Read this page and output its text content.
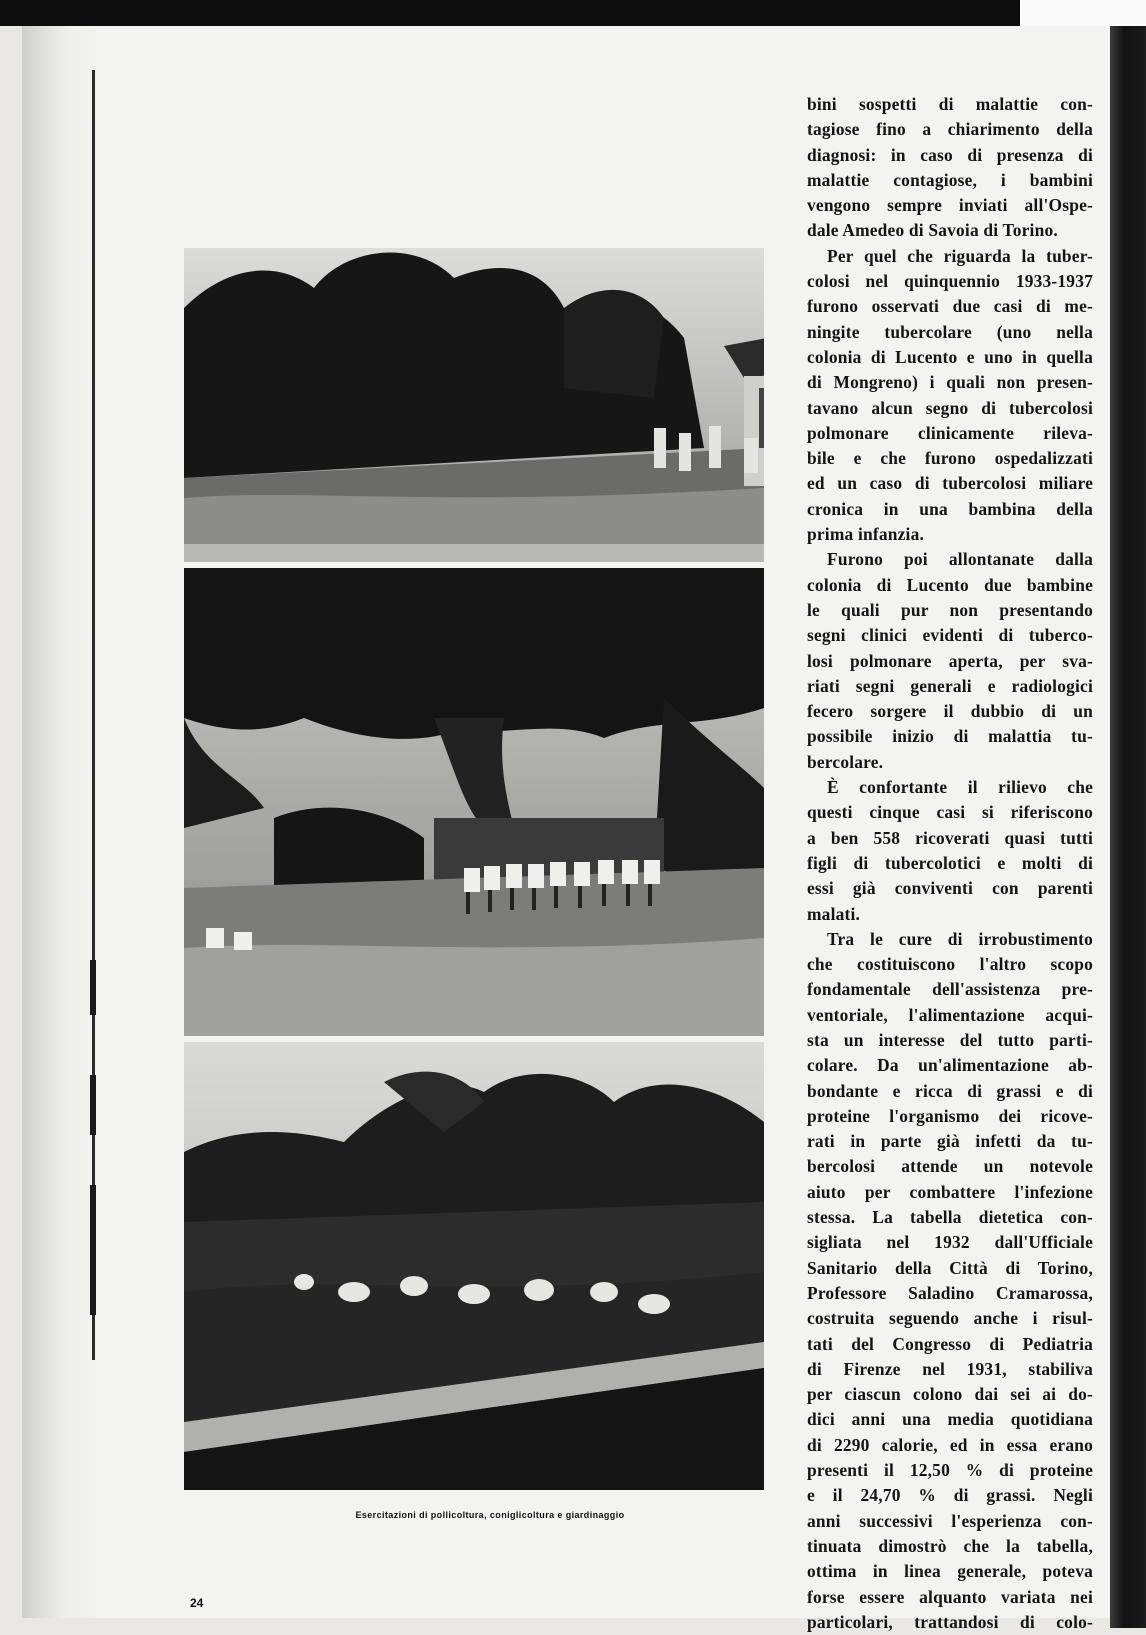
Esercitazioni di pollicoltura, coniglicoltura e giardinaggio
24
bini sospetti di malattie con-
tagiose fino a chiarimento della
diagnosi: in caso di presenza di
malattie contagiose, i bambini
vengono sempre inviati all'Ospe-
dale Amedeo di Savoia di Torino.
Per quel che riguarda la tuber-
colosi nel quinquennio 1933-1937
furono osservati due casi di me-
ningite tubercolare (uno nella
colonia di Lucento e uno in quella
di Mongreno) i quali non presen-
tavano alcun segno di tubercolosi
polmonare clinicamente rileva-
bile e che furono ospedalizzati
ed un caso di tubercolosi miliare
cronica in una bambina della
prima infanzia.
Furono poi allontanate dalla
colonia di Lucento due bambine
le quali pur non presentando
segni clinici evidenti di tuberco-
losi polmonare aperta, per sva-
riati segni generali e radiologici
fecero sorgere il dubbio di un
possibile inizio di malattia tu-
bercolare.
È confortante il rilievo che
questi cinque casi si riferiscono
a ben 558 ricoverati quasi tutti
figli di tubercolotici e molti di
essi già conviventi con parenti
malati.
Tra le cure di irrobustimento
che costituiscono l'altro scopo
fondamentale dell'assistenza pre-
ventoriale, l'alimentazione acqui-
sta un interesse del tutto parti-
colare. Da un'alimentazione ab-
bondante e ricca di grassi e di
proteine l'organismo dei ricove-
rati in parte già infetti da tu-
bercolosi attende un notevole
aiuto per combattere l'infezione
stessa. La tabella dietetica con-
sigliata nel 1932 dall'Ufficiale
Sanitario della Città di Torino,
Professore Saladino Cramarossa,
costruita seguendo anche i risul-
tati del Congresso di Pediatria
di Firenze nel 1931, stabiliva
per ciascun colono dai sei ai do-
dici anni una media quotidiana
di 2290 calorie, ed in essa erano
presenti il 12,50 % di proteine
e il 24,70 % di grassi. Negli
anni successivi l'esperienza con-
tinuata dimostrò che la tabella,
ottima in linea generale, poteva
forse essere alquanto variata nei
particolari, trattandosi di colo-
